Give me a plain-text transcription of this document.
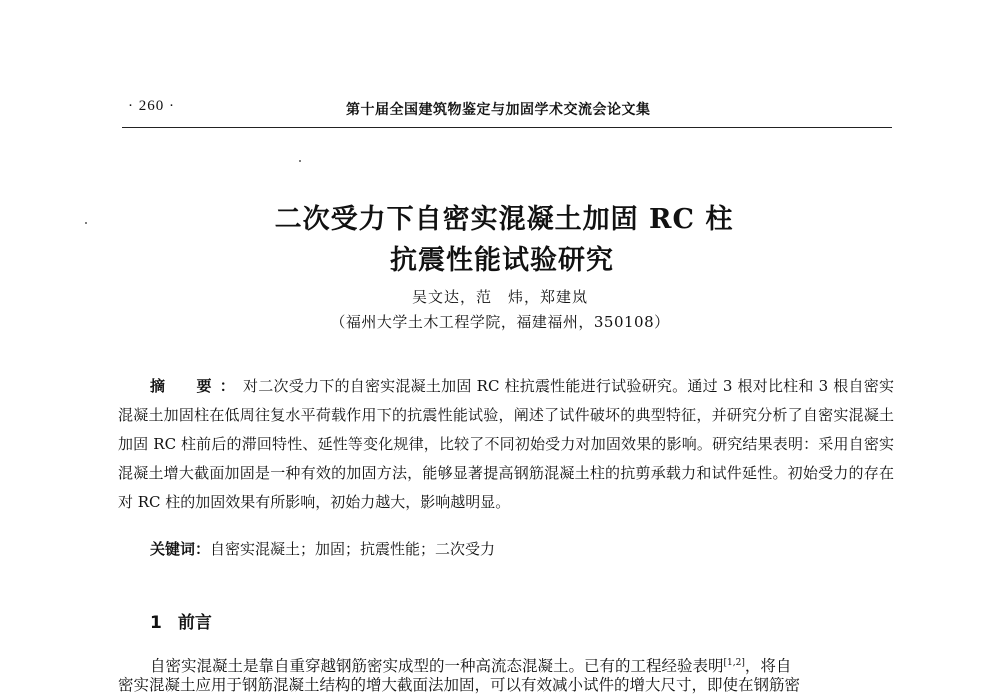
· 260 ·	第十届全国建筑物鉴定与加固学术交流会论文集
二次受力下自密实混凝土加固 RC 柱
抗震性能试验研究
吴文达，范　炜，郑建岚
（福州大学土木工程学院，福建福州，350108）

摘　要：对二次受力下的自密实混凝土加固 RC 柱抗震性能进行试验研究。通过 3 根对比柱和 3 根自密实混凝土加固柱在低周往复水平荷载作用下的抗震性能试验，阐述了试件破坏的典型特征，并研究分析了自密实混凝土加固 RC 柱前后的滞回特性、延性等变化规律，比较了不同初始受力对加固效果的影响。研究结果表明：采用自密实混凝土增大截面加固是一种有效的加固方法，能够显著提高钢筋混凝土柱的抗剪承载力和试件延性。初始受力的存在对 RC 柱的加固效果有所影响，初始力越大，影响越明显。

关键词：自密实混凝土；加固；抗震性能；二次受力

1 前言

自密实混凝土是靠自重穿越钢筋密实成型的一种高流态混凝土。已有的工程经验表明[1,2]，将自

密实混凝土应用于钢筋混凝土结构的增大截面法加固，可以有效减小试件的增大尺寸，即使在钢筋密
